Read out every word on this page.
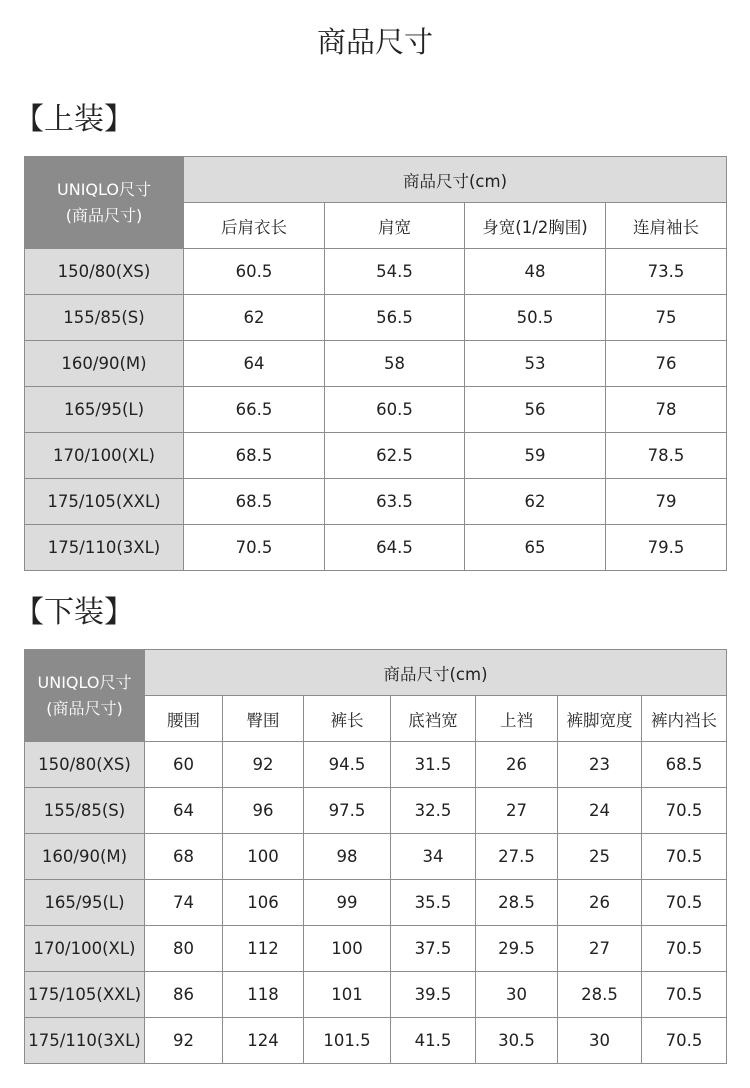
商品尺寸
【上装】
UNIQLO尺寸
(商品尺寸)	商品尺寸(cm)			
	后肩衣长	肩宽	身宽(1/2胸围)	连肩袖长
150/80(XS)	60.5	54.5	48	73.5
155/85(S)	62	56.5	50.5	75
160/90(M)	64	58	53	76
165/95(L)	66.5	60.5	56	78
170/100(XL)	68.5	62.5	59	78.5
175/105(XXL)	68.5	63.5	62	79
175/110(3XL)	70.5	64.5	65	79.5
【下装】
UNIQLO尺寸
(商品尺寸)	商品尺寸(cm)						
	腰围	臀围	裤长	底裆宽	上裆	裤脚宽度	裤内裆长
150/80(XS)	60	92	94.5	31.5	26	23	68.5
155/85(S)	64	96	97.5	32.5	27	24	70.5
160/90(M)	68	100	98	34	27.5	25	70.5
165/95(L)	74	106	99	35.5	28.5	26	70.5
170/100(XL)	80	112	100	37.5	29.5	27	70.5
175/105(XXL)	86	118	101	39.5	30	28.5	70.5
175/110(3XL)	92	124	101.5	41.5	30.5	30	70.5
